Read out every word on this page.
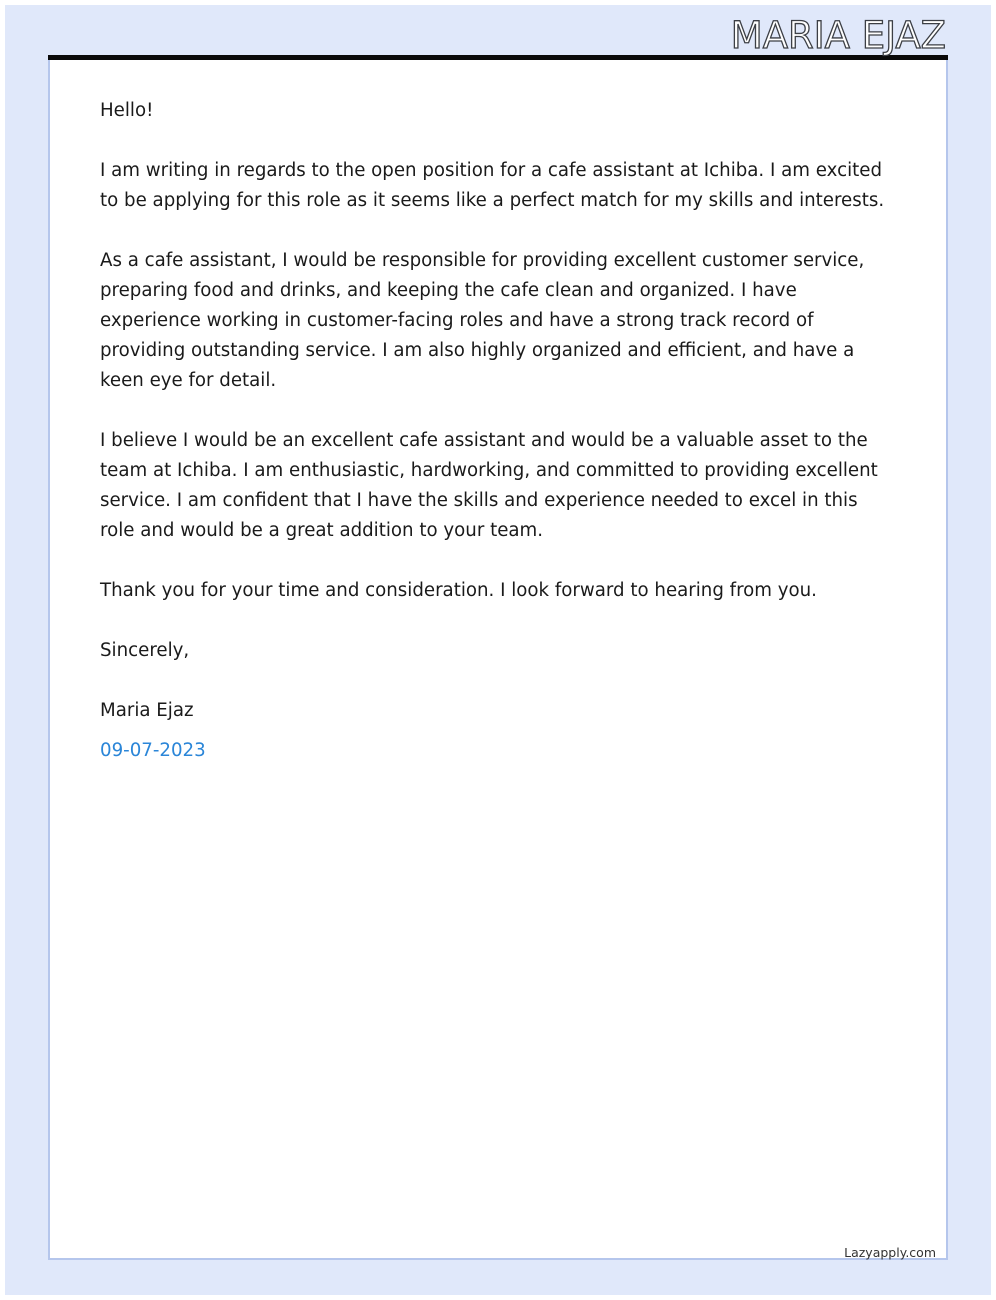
MARIA EJAZ

Hello!

I am writing in regards to the open position for a cafe assistant at Ichiba. I am excited to be applying for this role as it seems like a perfect match for my skills and interests.

As a cafe assistant, I would be responsible for providing excellent customer service, preparing food and drinks, and keeping the cafe clean and organized. I have experience working in customer-facing roles and have a strong track record of providing outstanding service. I am also highly organized and efficient, and have a keen eye for detail.

I believe I would be an excellent cafe assistant and would be a valuable asset to the team at Ichiba. I am enthusiastic, hardworking, and committed to providing excellent service. I am confident that I have the skills and experience needed to excel in this role and would be a great addition to your team.

Thank you for your time and consideration. I look forward to hearing from you.

Sincerely,

Maria Ejaz

09-07-2023

Lazyapply.com
